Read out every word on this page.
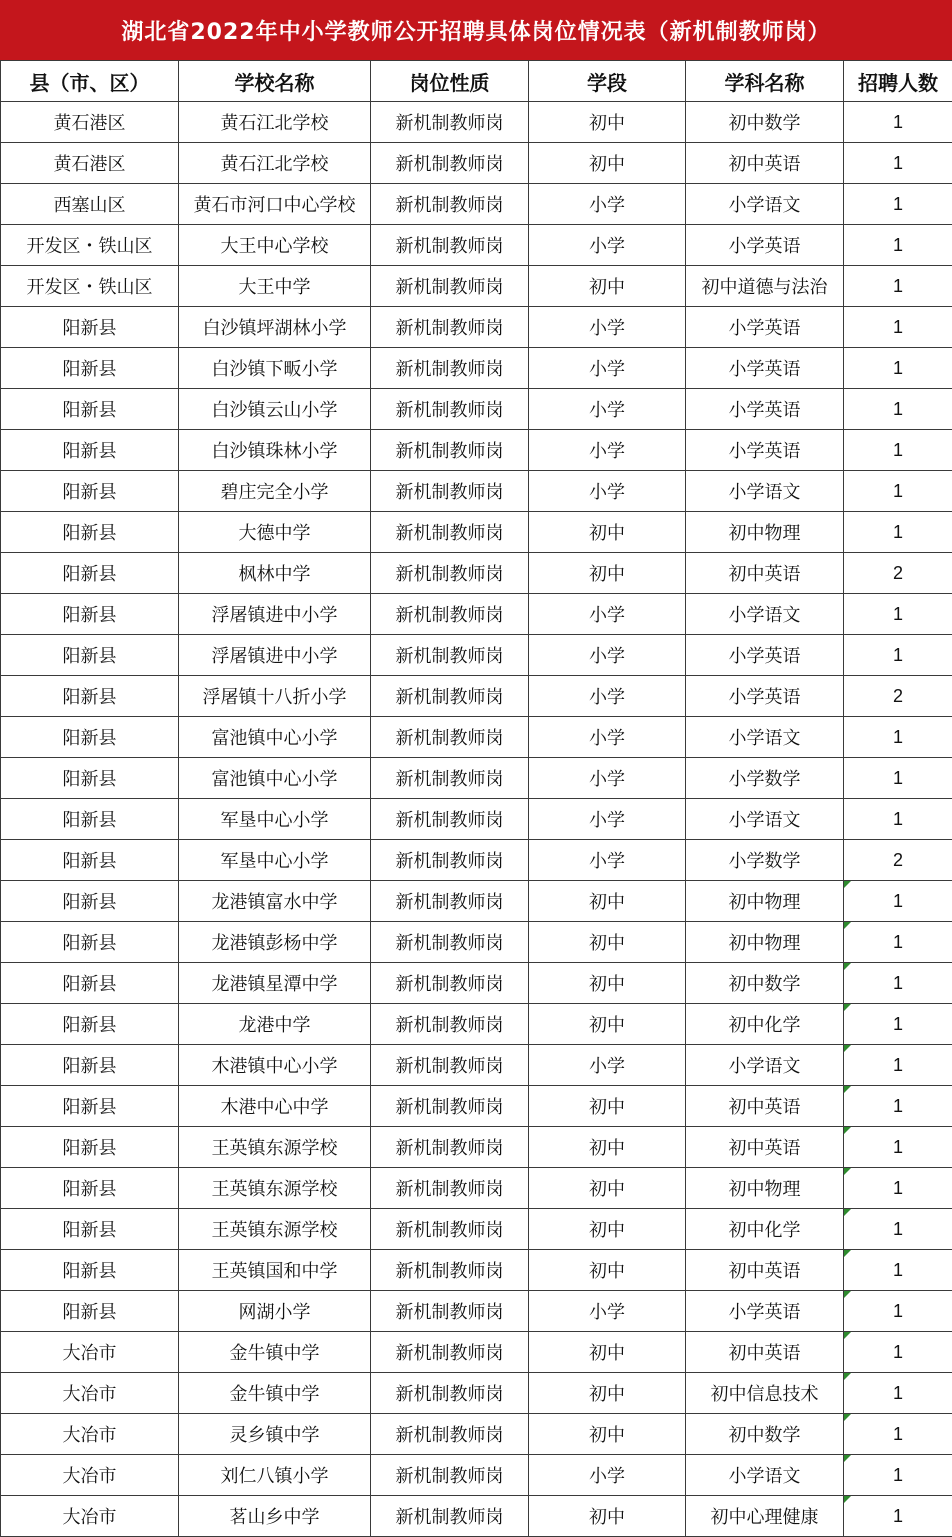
湖北省2022年中小学教师公开招聘具体岗位情况表（新机制教师岗）
县（市、区）	学校名称	岗位性质	学段	学科名称	招聘人数
黄石港区	黄石江北学校	新机制教师岗	初中	初中数学	1
黄石港区	黄石江北学校	新机制教师岗	初中	初中英语	1
西塞山区	黄石市河口中心学校	新机制教师岗	小学	小学语文	1
开发区・铁山区	大王中心学校	新机制教师岗	小学	小学英语	1
开发区・铁山区	大王中学	新机制教师岗	初中	初中道德与法治	1
阳新县	白沙镇坪湖林小学	新机制教师岗	小学	小学英语	1
阳新县	白沙镇下畈小学	新机制教师岗	小学	小学英语	1
阳新县	白沙镇云山小学	新机制教师岗	小学	小学英语	1
阳新县	白沙镇珠林小学	新机制教师岗	小学	小学英语	1
阳新县	碧庄完全小学	新机制教师岗	小学	小学语文	1
阳新县	大德中学	新机制教师岗	初中	初中物理	1
阳新县	枫林中学	新机制教师岗	初中	初中英语	2
阳新县	浮屠镇进中小学	新机制教师岗	小学	小学语文	1
阳新县	浮屠镇进中小学	新机制教师岗	小学	小学英语	1
阳新县	浮屠镇十八折小学	新机制教师岗	小学	小学英语	2
阳新县	富池镇中心小学	新机制教师岗	小学	小学语文	1
阳新县	富池镇中心小学	新机制教师岗	小学	小学数学	1
阳新县	军垦中心小学	新机制教师岗	小学	小学语文	1
阳新县	军垦中心小学	新机制教师岗	小学	小学数学	2
阳新县	龙港镇富水中学	新机制教师岗	初中	初中物理	1
阳新县	龙港镇彭杨中学	新机制教师岗	初中	初中物理	1
阳新县	龙港镇星潭中学	新机制教师岗	初中	初中数学	1
阳新县	龙港中学	新机制教师岗	初中	初中化学	1
阳新县	木港镇中心小学	新机制教师岗	小学	小学语文	1
阳新县	木港中心中学	新机制教师岗	初中	初中英语	1
阳新县	王英镇东源学校	新机制教师岗	初中	初中英语	1
阳新县	王英镇东源学校	新机制教师岗	初中	初中物理	1
阳新县	王英镇东源学校	新机制教师岗	初中	初中化学	1
阳新县	王英镇国和中学	新机制教师岗	初中	初中英语	1
阳新县	网湖小学	新机制教师岗	小学	小学英语	1
大冶市	金牛镇中学	新机制教师岗	初中	初中英语	1
大冶市	金牛镇中学	新机制教师岗	初中	初中信息技术	1
大冶市	灵乡镇中学	新机制教师岗	初中	初中数学	1
大冶市	刘仁八镇小学	新机制教师岗	小学	小学语文	1
大冶市	茗山乡中学	新机制教师岗	初中	初中心理健康	1
